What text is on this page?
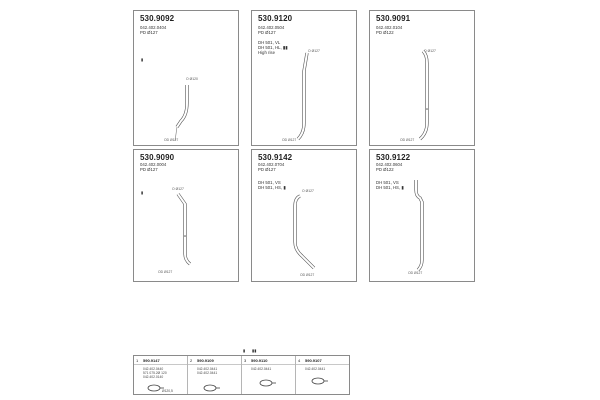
530.9092
042.402.0404
PD Ø127
▮
O Ø120
OD Ø127
530.9120
042.402.0504
PD Ø127
DH 501, VL
DH 501, HL, ▮▮
High rise	O Ø127
OD Ø127
530.9091
042.402.0104
PD Ø122
O Ø127
OD Ø127
530.9090
042.402.0004
PD Ø127
▮
O Ø127
OD Ø127
530.9142
042.402.0704
PD Ø127
DH 501, VS
DH 501, HS, ▮
O Ø127
OD Ø127
530.9122
042.402.0604
PD Ø122
DH 501, VS
DH 501, HS, ▮
OD Ø127
▮ ▮▮
1 590.9147
042.402.0440
571 075.2Ø 120
042.402.0140
Ø120,5
2 590.9109
042.402.0441
042.402.0441
3 590.9110
042.402.0441
4 590.9107
042.402.0441
